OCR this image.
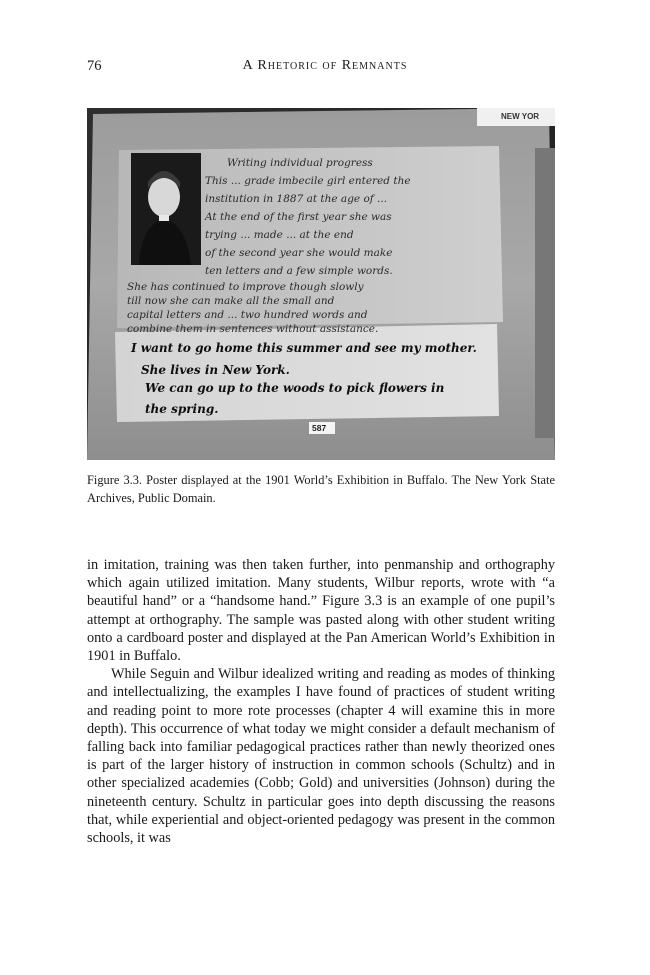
76	A Rhetoric of Remnants
NEW YOR
587
Writing individual progress
This ... grade imbecile girl entered the
institution in 1887 at the age of ...
At the end of the first year she was
trying ... made ... at the end
of the second year she would make
ten letters and a few simple words.
She has continued to improve though slowly
till now she can make all the small and
capital letters and ... two hundred words and
combine them in sentences without assistance.
I want to go home this summer and see my mother.
She lives in New York.
We can go up to the woods to pick flowers in
the spring.
Figure 3.3. Poster displayed at the 1901 World’s Exhibition in Buffalo. The New York State Archives, Public Domain.

in imitation, training was then taken further, into penmanship and orthography which again utilized imitation. Many students, Wilbur reports, wrote with “a beautiful hand” or a “handsome hand.” Figure 3.3 is an example of one pupil’s attempt at orthography. The sample was pasted along with other student writing onto a cardboard poster and displayed at the Pan American World’s Exhibition in 1901 in Buffalo.

While Seguin and Wilbur idealized writing and reading as modes of thinking and intellectualizing, the examples I have found of practices of student writing and reading point to more rote processes (chapter 4 will examine this in more depth). This occurrence of what today we might consider a default mechanism of falling back into familiar pedagogical practices rather than newly theorized ones is part of the larger history of instruction in common schools (Schultz) and in other specialized academies (Cobb; Gold) and universities (Johnson) during the nineteenth century. Schultz in particular goes into depth discussing the reasons that, while experiential and object-oriented pedagogy was present in the common schools, it was
